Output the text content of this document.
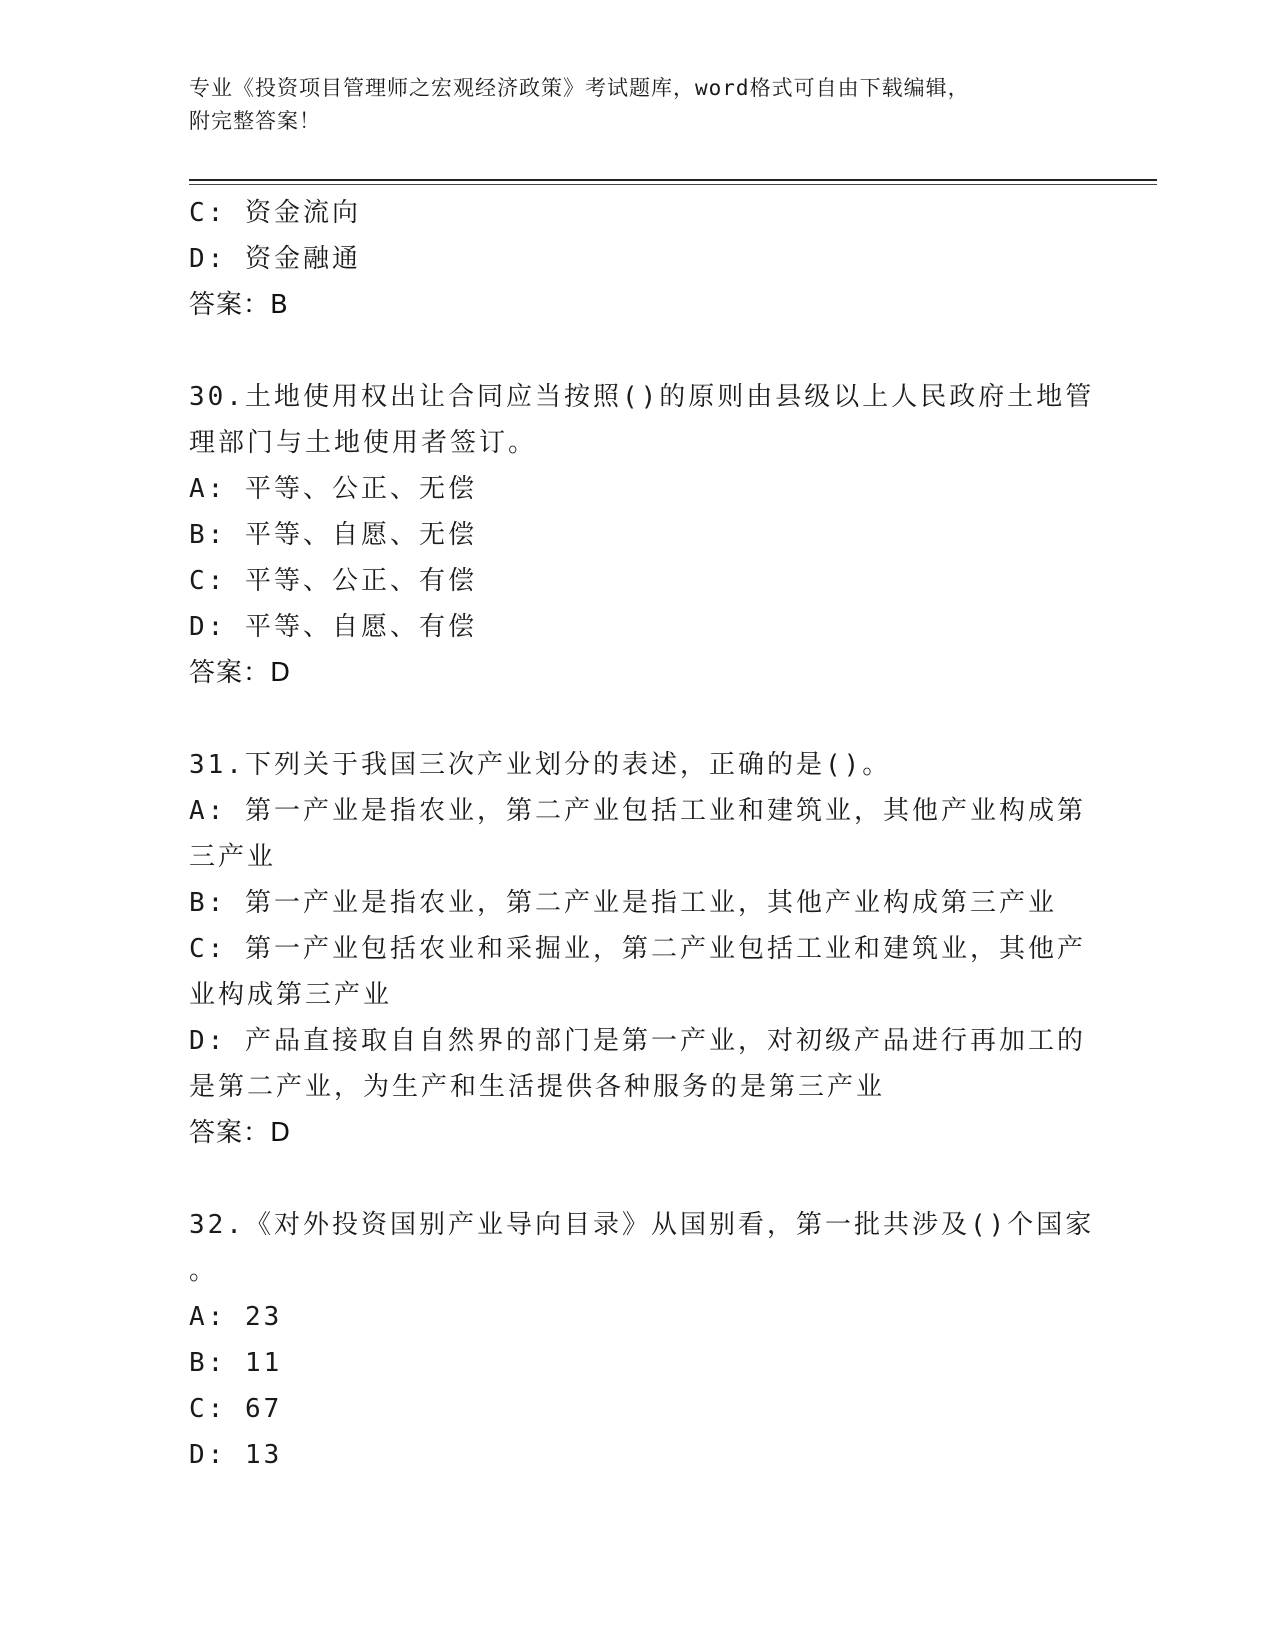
专业《投资项目管理师之宏观经济政策》考试题库，word格式可自由下载编辑，
附完整答案！
C: 资金流向
D: 资金融通
答案：B
30.土地使用权出让合同应当按照()的原则由县级以上人民政府土地管
理部门与土地使用者签订。
A: 平等、公正、无偿
B: 平等、自愿、无偿
C: 平等、公正、有偿
D: 平等、自愿、有偿
答案：D
31.下列关于我国三次产业划分的表述，正确的是()。
A: 第一产业是指农业，第二产业包括工业和建筑业，其他产业构成第
三产业
B: 第一产业是指农业，第二产业是指工业，其他产业构成第三产业
C: 第一产业包括农业和采掘业，第二产业包括工业和建筑业，其他产
业构成第三产业
D: 产品直接取自自然界的部门是第一产业，对初级产品进行再加工的
是第二产业，为生产和生活提供各种服务的是第三产业
答案：D
32.《对外投资国别产业导向目录》从国别看，第一批共涉及()个国家
。
A: 23
B: 11
C: 67
D: 13
